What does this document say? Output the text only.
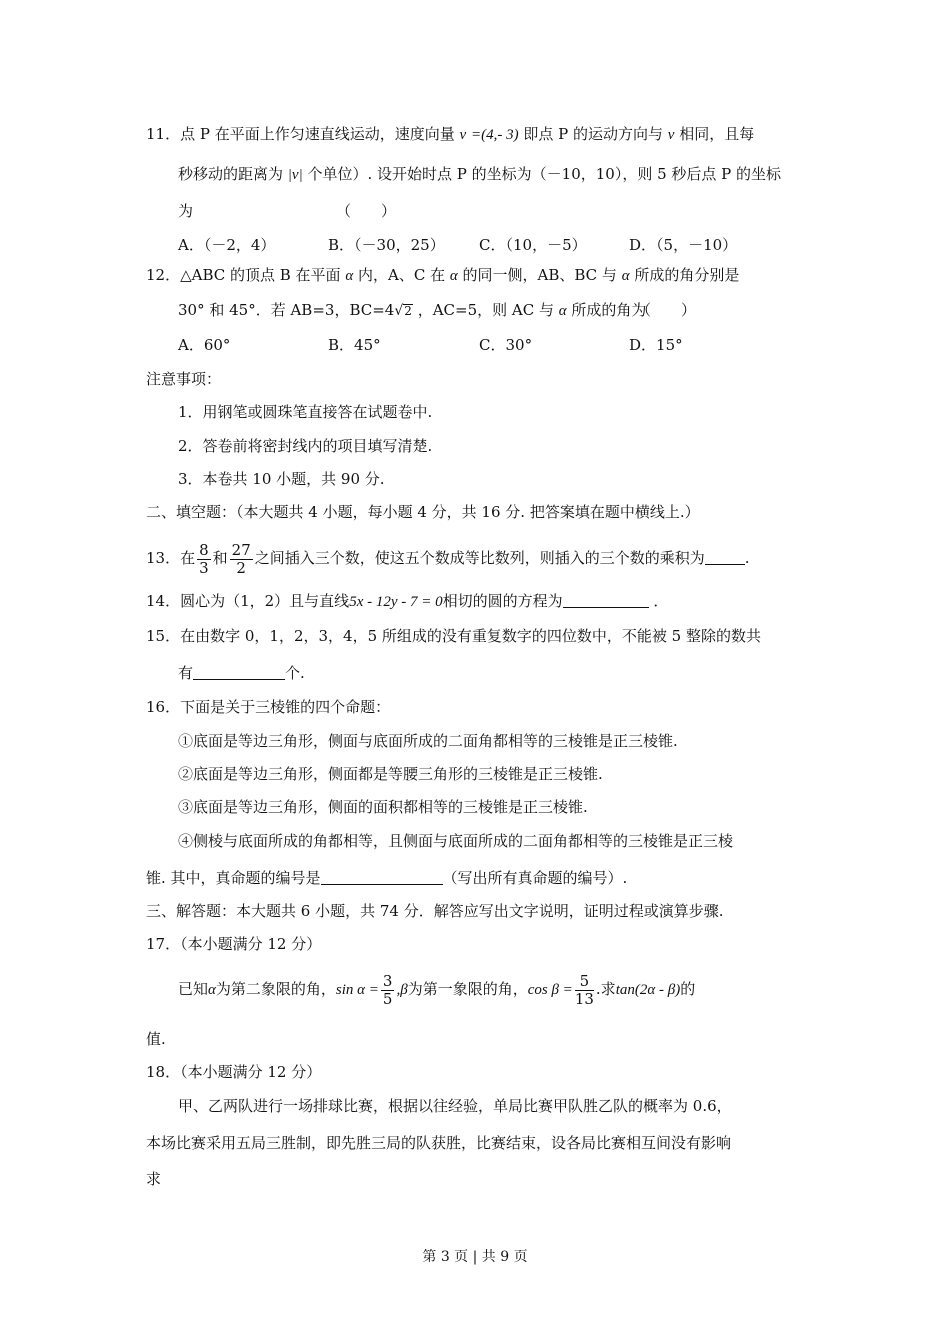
11．点 P 在平面上作匀速直线运动，速度向量 v =(4,- 3) 即点 P 的运动方向与 v 相同，且每
秒移动的距离为 |v| 个单位）. 设开始时点 P 的坐标为（－10，10），则 5 秒后点 P 的坐标
为	（　　）
A．（－2，4）	B．（－30，25） C．（10，－5）	D．（5，－10）
12．△ABC 的顶点 B 在平面 α 内，A、C 在 α 的同一侧，AB、BC 与 α 所成的角分别是
30° 和 45°．若 AB=3，BC=4√2 ，AC=5，则 AC 与 α 所成的角为
（　　）
A．60°	B．45°	C．30°	D．15°
注意事项：
1．用钢笔或圆珠笔直接答在试题卷中.
2．答卷前将密封线内的项目填写清楚.
3．本卷共 10 小题，共 90 分.
二、填空题：（本大题共 4 小题，每小题 4 分，共 16 分. 把答案填在题中横线上.）
13．在 $\frac{8}{3}$ 和 $\frac{27}{2}$ 之间插入三个数，使这五个数成等比数列，则插入的三个数的乘积为	.
14．圆心为（1，2）且与直线5x - 12y - 7 = 0相切的圆的方程为	．
15．在由数字 0，1，2，3，4，5 所组成的没有重复数字的四位数中，不能被 5 整除的数共
有	个.
16．下面是关于三棱锥的四个命题：
①底面是等边三角形，侧面与底面所成的二面角都相等的三棱锥是正三棱锥.
②底面是等边三角形，侧面都是等腰三角形的三棱锥是正三棱锥.
③底面是等边三角形，侧面的面积都相等的三棱锥是正三棱锥.
④侧棱与底面所成的角都相等，且侧面与底面所成的二面角都相等的三棱锥是正三棱
锥. 其中，真命题的编号是	（写出所有真命题的编号）.
三、解答题：本大题共 6 小题，共 74 分．解答应写出文字说明，证明过程或演算步骤.
17．（本小题满分 12 分）
已知α为第二象限的角，$\sin \alpha = \frac{3}{5} ,\beta$为第一象限的角，$\cos \beta = \frac{5}{13}$ .求tan(2α - β)的
值.
18．（本小题满分 12 分）
甲、乙两队进行一场排球比赛，根据以往经验，单局比赛甲队胜乙队的概率为 0.6，
本场比赛采用五局三胜制，即先胜三局的队获胜，比赛结束，设各局比赛相互间没有影响
求
第 3 页 | 共 9 页
